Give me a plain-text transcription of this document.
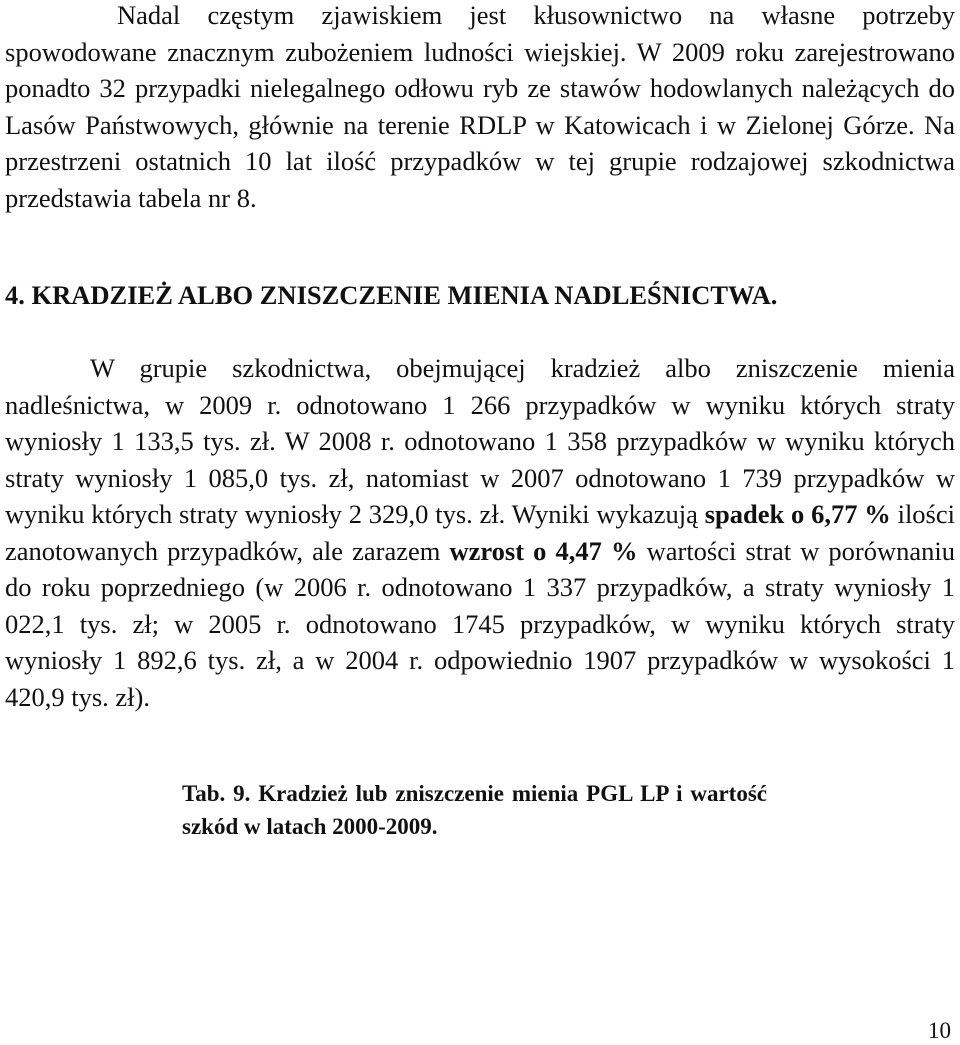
Nadal częstym zjawiskiem jest kłusownictwo na własne potrzeby spowodowane znacznym zubożeniem ludności wiejskiej. W 2009 roku zarejestrowano ponadto 32 przypadki nielegalnego odłowu ryb ze stawów hodowlanych należących do Lasów Państwowych, głównie na terenie RDLP w Katowicach i w Zielonej Górze. Na przestrzeni ostatnich 10 lat ilość przypadków w tej grupie rodzajowej szkodnictwa przedstawia tabela nr 8.

4. KRADZIEŻ ALBO ZNISZCZENIE MIENIA NADLEŚNICTWA.

W grupie szkodnictwa, obejmującej kradzież albo zniszczenie mienia nadleśnictwa, w 2009 r. odnotowano 1 266 przypadków w wyniku których straty wyniosły 1 133,5 tys. zł. W 2008 r. odnotowano 1 358 przypadków w wyniku których straty wyniosły 1 085,0 tys. zł, natomiast w 2007 odnotowano 1 739 przypadków w wyniku których straty wyniosły 2 329,0 tys. zł. Wyniki wykazują spadek o 6,77 % ilości zanotowanych przypadków, ale zarazem wzrost o 4,47 % wartości strat w porównaniu do roku poprzedniego (w 2006 r. odnotowano 1 337 przypadków, a straty wyniosły 1 022,1 tys. zł; w 2005 r. odnotowano 1745 przypadków, w wyniku których straty wyniosły 1 892,6 tys. zł, a w 2004 r. odpowiednio 1907 przypadków w wysokości 1 420,9 tys. zł).

Tab. 9. Kradzież lub zniszczenie mienia PGL LP i wartość szkód w latach 2000-2009.

10
